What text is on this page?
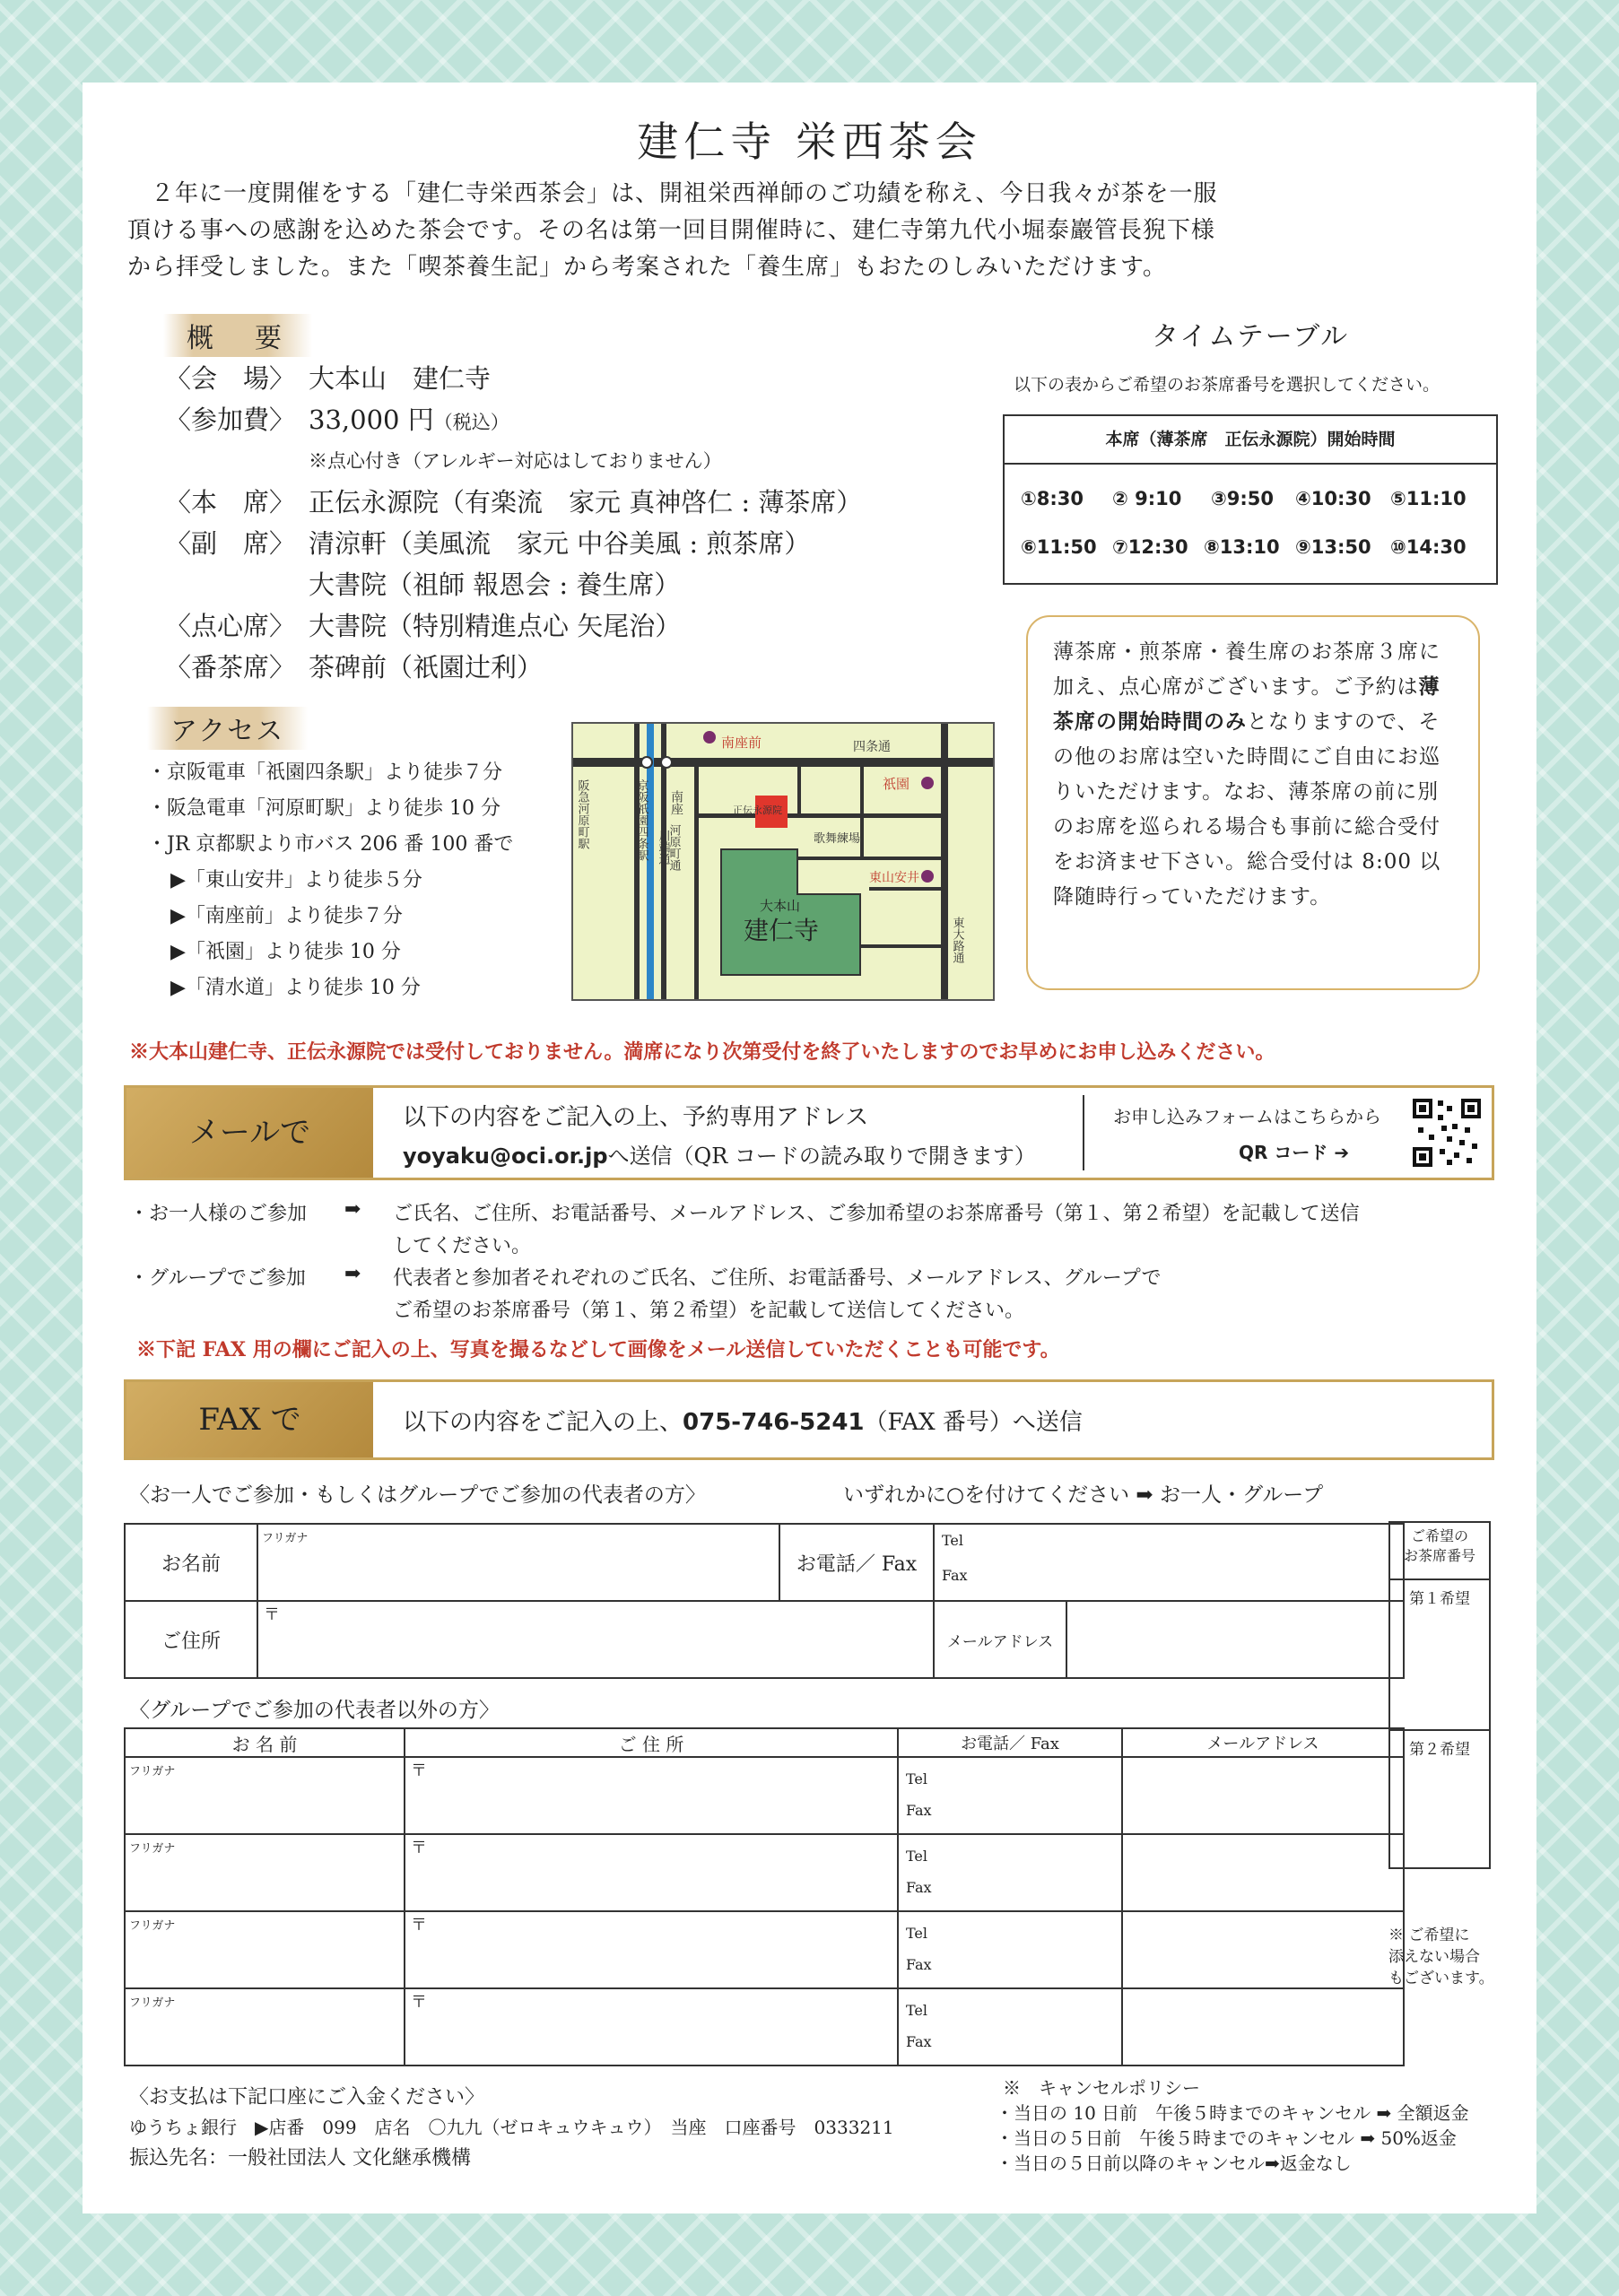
建仁寺 栄西茶会
２年に一度開催をする「建仁寺栄西茶会」は、開祖栄西禅師のご功績を称え、今日我々が茶を一服
頂ける事への感謝を込めた茶会です。その名は第一回目開催時に、建仁寺第九代小堀泰巖管長猊下様
から拝受しました。また「喫茶養生記」から考案された「養生席」もおたのしみいただけます。
概　要
〈会　場〉 大本山　建仁寺
〈参加費〉 33,000 円（税込）
※点心付き（アレルギー対応はしておりません）
〈本　席〉 正伝永源院（有楽流　家元 真神啓仁 : 薄茶席）
〈副　席〉 清涼軒（美風流　家元 中谷美風 : 煎茶席）
大書院（祖師 報恩会 : 養生席）
〈点心席〉 大書院（特別精進点心 矢尾治）
〈番茶席〉 茶碑前（祇園辻利）
タイムテーブル
以下の表からご希望のお茶席番号を選択してください。
本席（薄茶席　正伝永源院）開始時間
①8:30 ② 9:10 ③9:50 ④10:30 ⑤11:10
⑥11:50 ⑦12:30 ⑧13:10 ⑨13:50 ⑩14:30
薄茶席・煎茶席・養生席のお茶席３席に加え、点心席がございます。ご予約は薄茶席の開始時間のみとなりますので、その他のお席は空いた時間にご自由にお巡りいただけます。なお、薄茶席の前に別のお席を巡られる場合も事前に総合受付をお済ませ下さい。総合受付は 8:00 以降随時行っていただけます。
アクセス
・京阪電車「祇園四条駅」より徒歩７分
・阪急電車「河原町駅」より徒歩 10 分
・JR 京都駅より市バス 206 番 100 番で
▶「東山安井」より徒歩５分
▶「南座前」より徒歩７分
▶「祇園」より徒歩 10 分
▶「清水道」より徒歩 10 分
南座前	四条通
祇園
南座
阪急河原町駅	河原町通
京阪祇園四条駅 川端通
正伝永源院
歌舞練場
東山安井
東大路通
大本山
建仁寺
※大本山建仁寺、正伝永源院では受付しておりません。満席になり次第受付を終了いたしますのでお早めにお申し込みください。
メールで	以下の内容をご記入の上、予約専用アドレス
yoyaku@oci.or.jpへ送信（QR コードの読み取りで開きます）
お申し込みフォームはこちらから
QR コード ➔
・お一人様のご参加 ➡ ご氏名、ご住所、お電話番号、メールアドレス、ご参加希望のお茶席番号（第１、第２希望）を記載して送信
してください。
・グループでご参加 ➡ 代表者と参加者それぞれのご氏名、ご住所、お電話番号、メールアドレス、グループで
ご希望のお茶席番号（第１、第２希望）を記載して送信してください。
※下記 FAX 用の欄にご記入の上、写真を撮るなどして画像をメール送信していただくことも可能です。
FAX で	以下の内容をご記入の上、075-746-5241（FAX 番号）へ送信
〈お一人でご参加・もしくはグループでご参加の代表者の方〉	いずれかに○を付けてください ➡ お一人・グループ
お名前	フリガナ	お電話／ Fax	Tel
Fax	

ご住所	〒		メールアドレス	
ご希望の
お茶席番号
第１希望
第２希望
※ ご希望に
添えない場合
もございます。
〈グループでご参加の代表者以外の方〉
お 名 前	ご 住 所	お電話／ Fax	メールアドレス
フリガナ	〒	Tel
Fax	

フリガナ	〒	Tel
Fax	

フリガナ	〒	Tel
Fax	

フリガナ	〒	Tel
Fax	

〈お支払は下記口座にご入金ください〉
ゆうちょ銀行　▶店番　099　店名　〇九九（ゼロキュウキュウ）　当座　口座番号　0333211
振込先名：一般社団法人 文化継承機構
※　キャンセルポリシー
・当日の 10 日前　午後５時までのキャンセル ➡ 全額返金
・当日の５日前　午後５時までのキャンセル ➡ 50%返金
・当日の５日前以降のキャンセル➡返金なし
